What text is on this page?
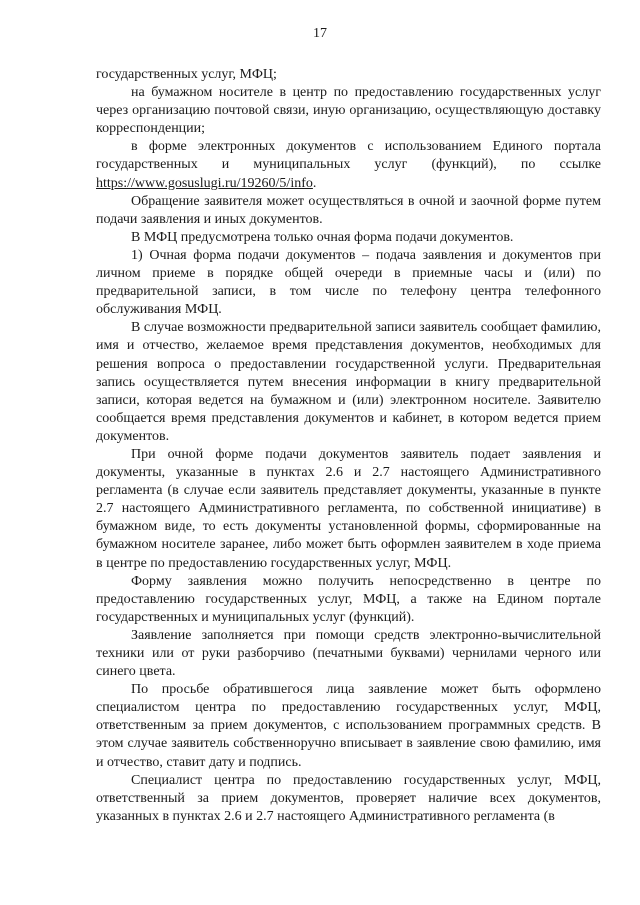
17

государственных услуг, МФЦ;

на бумажном носителе в центр по предоставлению государственных услуг через организацию почтовой связи, иную организацию, осуществляющую доставку корреспонденции;

в форме электронных документов с использованием Единого портала государственных и муниципальных услуг (функций), по ссылке https://www.gosuslugi.ru/19260/5/info.

Обращение заявителя может осуществляться в очной и заочной форме путем подачи заявления и иных документов.

В МФЦ предусмотрена только очная форма подачи документов.

1) Очная форма подачи документов – подача заявления и документов при личном приеме в порядке общей очереди в приемные часы и (или) по предварительной записи, в том числе по телефону центра телефонного обслуживания МФЦ.

В случае возможности предварительной записи заявитель сообщает фамилию, имя и отчество, желаемое время представления документов, необходимых для решения вопроса о предоставлении государственной услуги. Предварительная запись осуществляется путем внесения информации в книгу предварительной записи, которая ведется на бумажном и (или) электронном носителе. Заявителю сообщается время представления документов и кабинет, в котором ведется прием документов.

При очной форме подачи документов заявитель подает заявления и документы, указанные в пунктах 2.6 и 2.7 настоящего Административного регламента (в случае если заявитель представляет документы, указанные в пункте 2.7 настоящего Административного регламента, по собственной инициативе) в бумажном виде, то есть документы установленной формы, сформированные на бумажном носителе заранее, либо может быть оформлен заявителем в ходе приема в центре по предоставлению государственных услуг, МФЦ.

Форму заявления можно получить непосредственно в центре по предоставлению государственных услуг, МФЦ, а также на Едином портале государственных и муниципальных услуг (функций).

Заявление заполняется при помощи средств электронно-вычислительной техники или от руки разборчиво (печатными буквами) чернилами черного или синего цвета.

По просьбе обратившегося лица заявление может быть оформлено специалистом центра по предоставлению государственных услуг, МФЦ, ответственным за прием документов, с использованием программных средств. В этом случае заявитель собственноручно вписывает в заявление свою фамилию, имя и отчество, ставит дату и подпись.

Специалист центра по предоставлению государственных услуг, МФЦ, ответственный за прием документов, проверяет наличие всех документов, указанных в пунктах 2.6 и 2.7 настоящего Административного регламента (в
